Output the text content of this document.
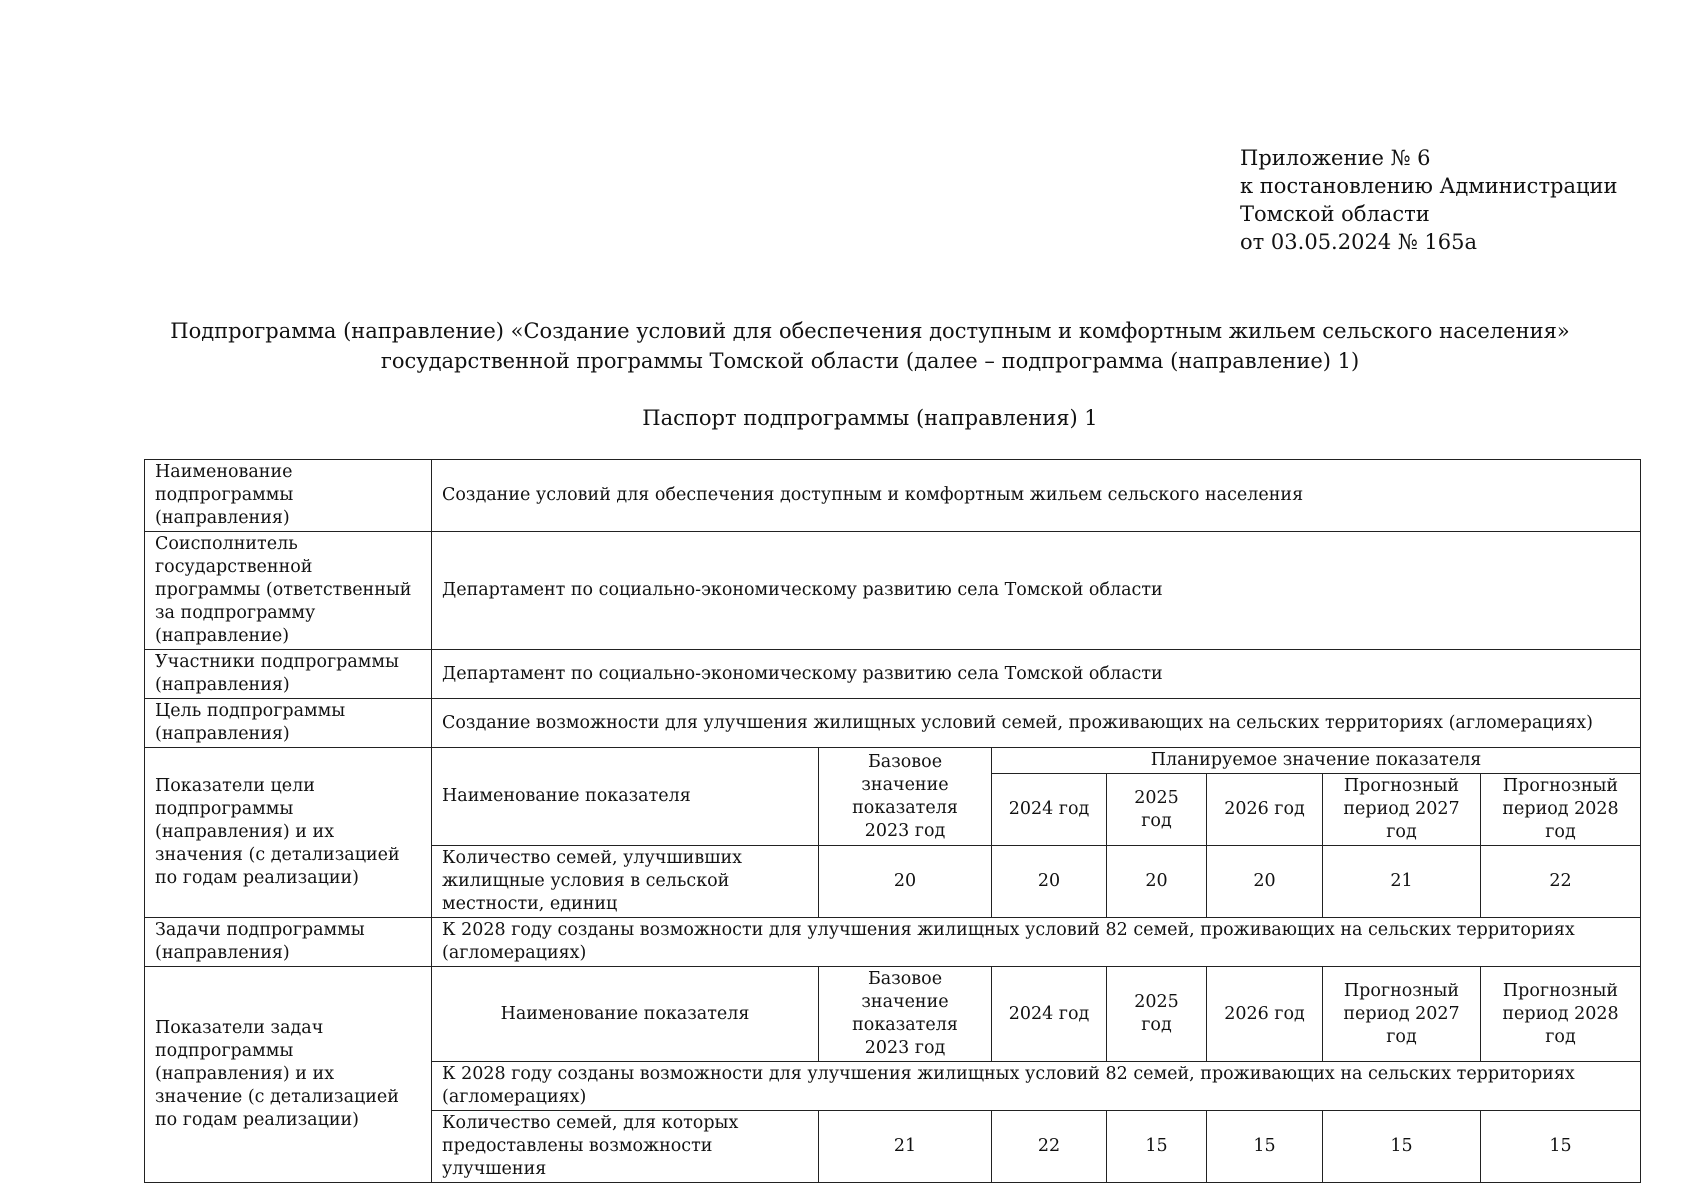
Приложение № 6
к постановлению Администрации
Томской области
от 03.05.2024 № 165а
Подпрограмма (направление) «Создание условий для обеспечения доступным и комфортным жильем сельского населения»
государственной программы Томской области (далее – подпрограмма (направление) 1)
Паспорт подпрограммы (направления) 1
Наименование подпрограммы (направления)	Создание условий для обеспечения доступным и комфортным жильем сельского населения						
Соисполнитель государственной программы (ответственный за подпрограмму (направление)	Департамент по социально-экономическому развитию села Томской области						
Участники подпрограммы (направления)	Департамент по социально-экономическому развитию села Томской области						
Цель подпрограммы (направления)	Создание возможности для улучшения жилищных условий семей, проживающих на сельских территориях (агломерациях)						
Показатели цели подпрограммы (направления) и их значения (с детализацией по годам реализации)	Наименование показателя	Базовое значение показателя 2023 год	Планируемое значение показателя				
			2024 год	2025 год	2026 год	Прогнозный период 2027 год	Прогнозный период 2028 год
	Количество семей, улучшивших жилищные условия в сельской местности, единиц	20	20	20	20	21	22
Задачи подпрограммы (направления)	К 2028 году созданы возможности для улучшения жилищных условий 82 семей, проживающих на сельских территориях (агломерациях)						
Показатели задач подпрограммы (направления) и их значение (с детализацией по годам реализации)	Наименование показателя	Базовое значение показателя 2023 год	2024 год	2025 год	2026 год	Прогнозный период 2027 год	Прогнозный период 2028 год
	К 2028 году созданы возможности для улучшения жилищных условий 82 семей, проживающих на сельских территориях (агломерациях)						
	Количество семей, для которых предоставлены возможности улучшения	21	22	15	15	15	15
